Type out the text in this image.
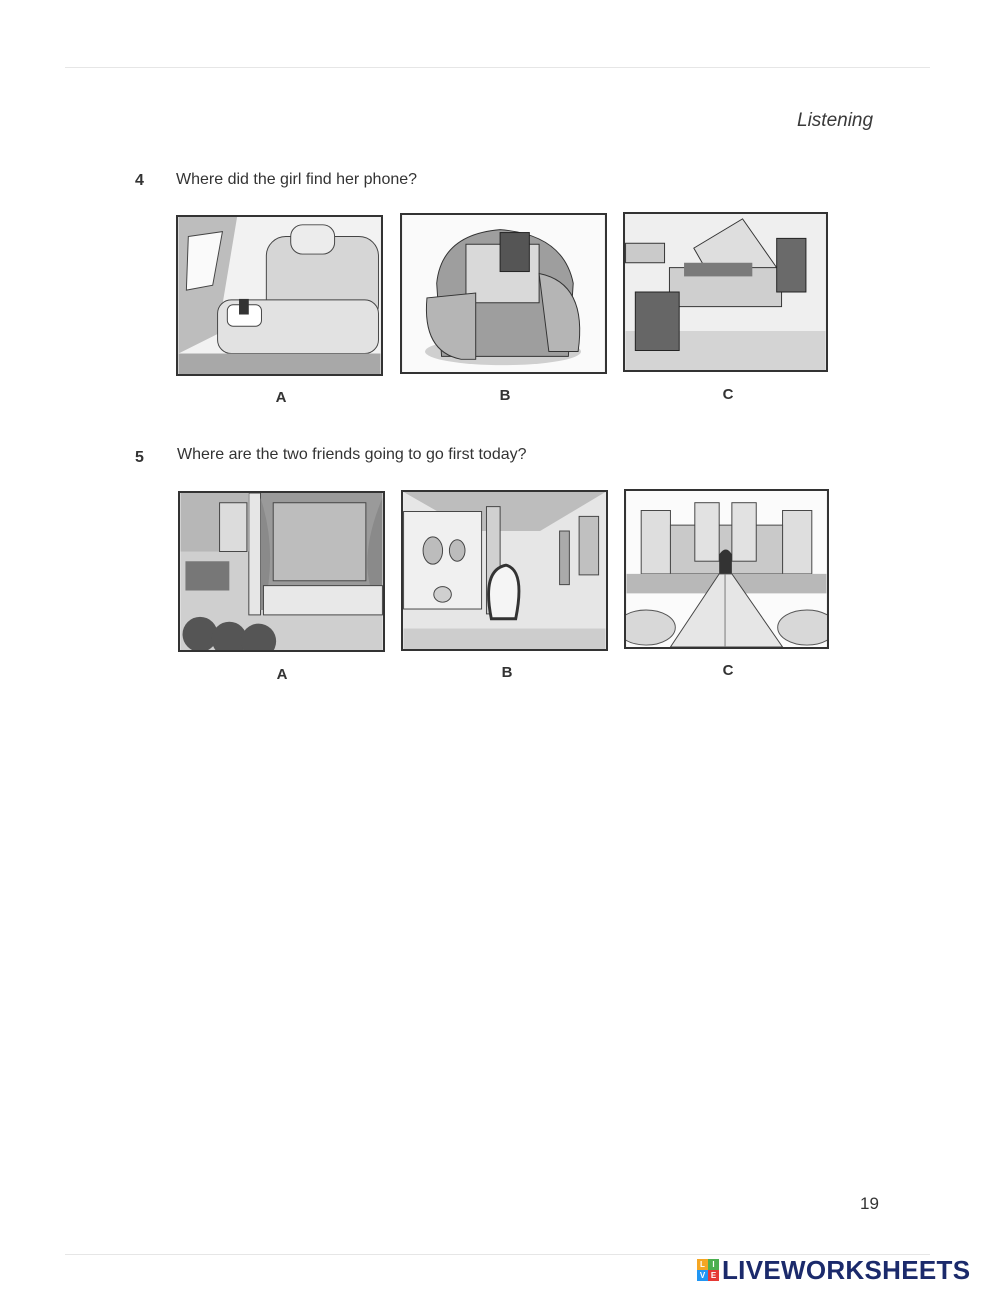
Listening
4 Where did the girl find her phone?
A	B	C
5 Where are the two friends going to go first today?
A	B	C
19
L I
V E LIVEWORKSHEETS
